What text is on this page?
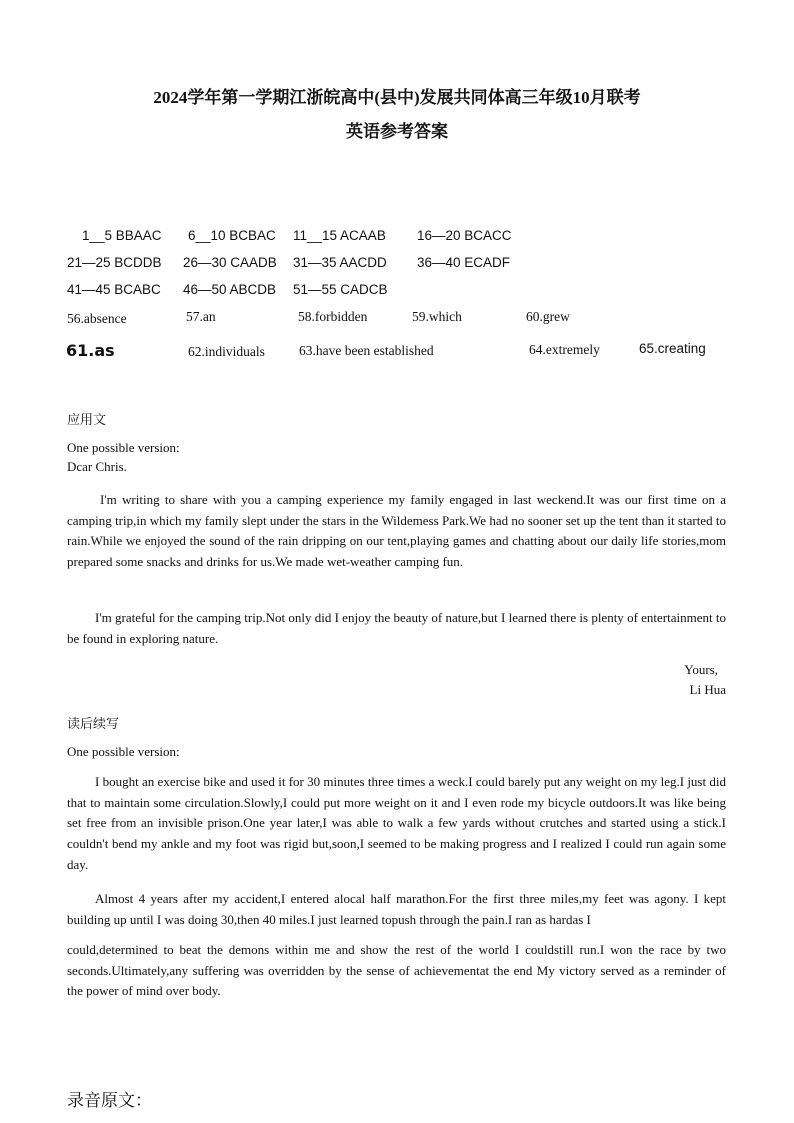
2024学年第一学期江浙皖高中(县中)发展共同体高三年级10月联考
英语参考答案
1__5 BBAAC 6__10 BCBAC 11__15 ACAAB 16—20 BCACC
21—25 BCDDB 26—30 CAADB 31—35 AACDD 36—40 ECADF
41—45 BCABC 46—50 ABCDB 51—55 CADCB
56.absence	57.an	58.forbidden	59.which	60.grew
61.as	62.individuals	63.have been established	64.extremely	65.creating
应用文
One possible version:
Dcar Chris.
I'm writing to share with you a camping experience my family engaged in last weckend.It was our first time on a camping trip,in which my family slept under the stars in the Wildemess Park.We had no sooner set up the tent than it started to rain.While we enjoyed the sound of the rain dripping on our tent,playing games and chatting about our daily life stories,mom prepared some snacks and drinks for us.We made wet-weather camping fun.
I'm grateful for the camping trip.Not only did I enjoy the beauty of nature,but I learned there is plenty of entertainment to be found in exploring nature.
Yours,
Li Hua
读后续写
One possible version:
I bought an exercise bike and used it for 30 minutes three times a weck.I could barely put any weight on my leg.I just did that to maintain some circulation.Slowly,I could put more weight on it and I even rode my bicycle outdoors.It was like being set free from an invisible prison.One year later,I was able to walk a few yards without crutches and started using a stick.I couldn't bend my ankle and my foot was rigid but,soon,I seemed to be making progress and I realized I could run again some day.
Almost 4 years after my accident,I entered alocal half marathon.For the first three miles,my feet was agony. I kept building up until I was doing 30,then 40 miles.I just learned topush through the pain.I ran as hardas I
could,determined to beat the demons within me and show the rest of the world I couldstill run.I won the race by two seconds.Ultimately,any suffering was overridden by the sense of achievementat the end My victory served as a reminder of the power of mind over body.
录音原文：
